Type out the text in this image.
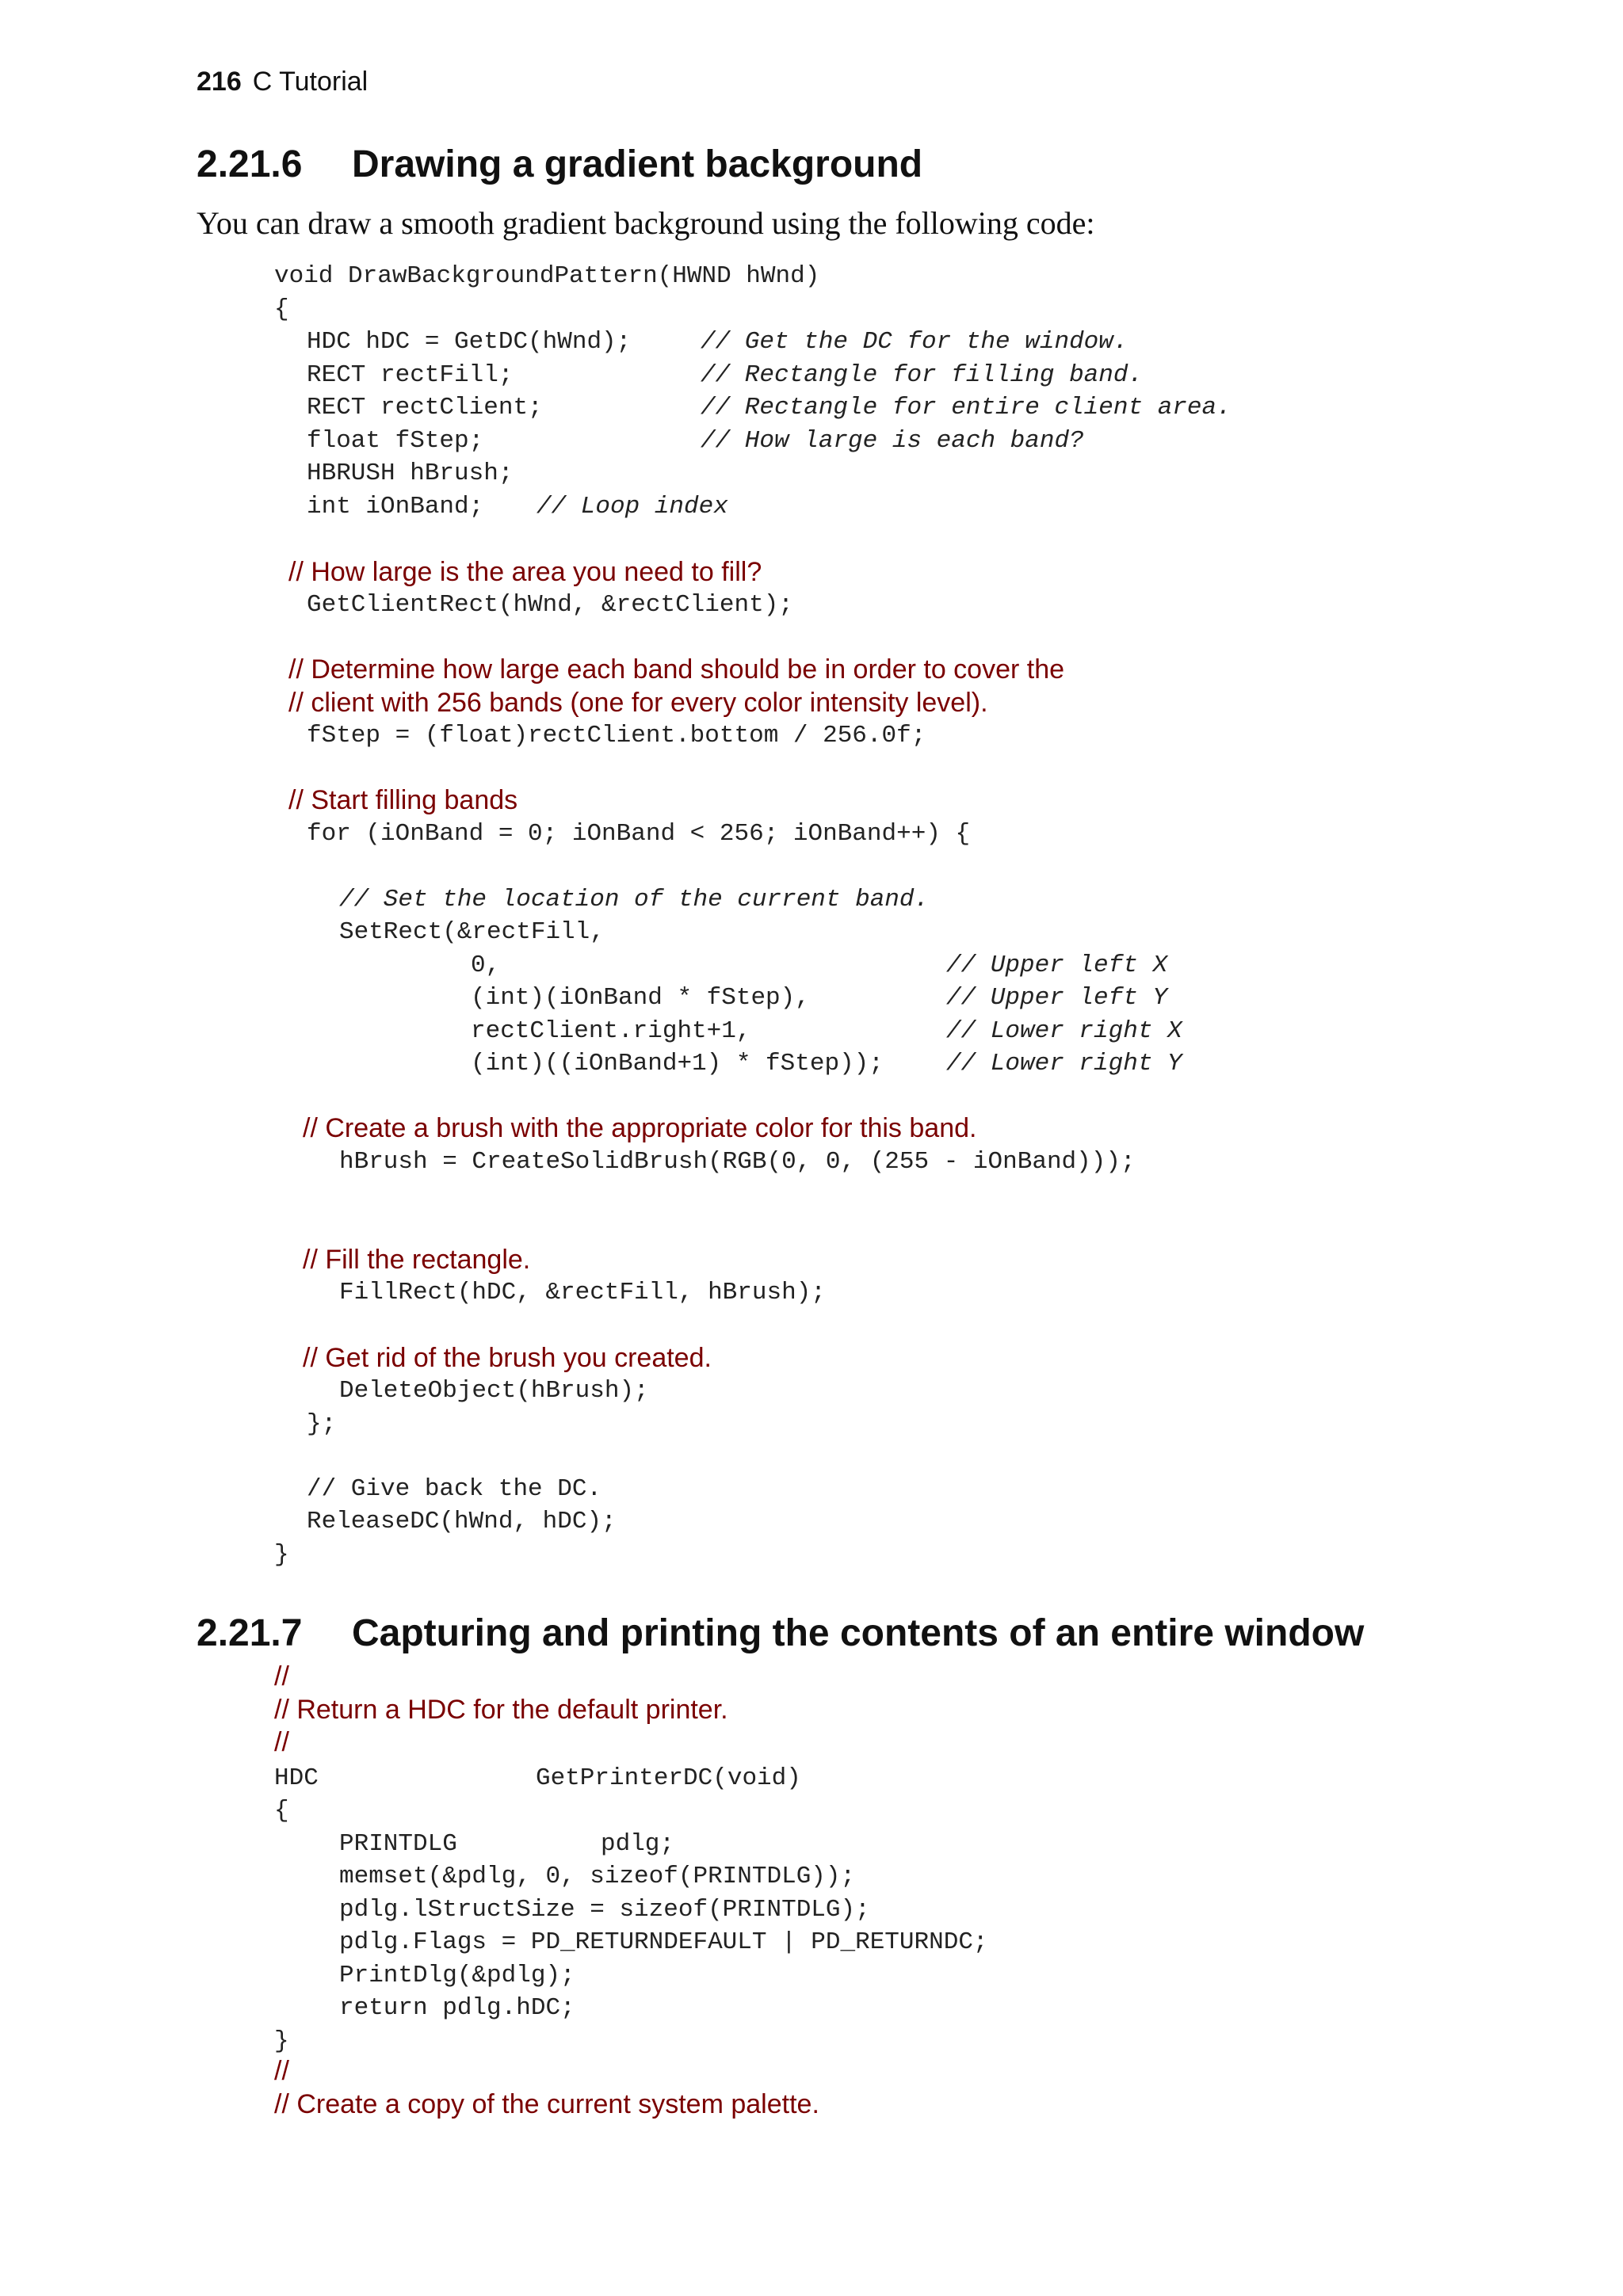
216 C Tutorial
2.21.6 Drawing a gradient background
You can draw a smooth gradient background using the following code:
void DrawBackgroundPattern(HWND hWnd)
{
HDC hDC = GetDC(hWnd);	// Get the DC for the window.
RECT rectFill;	// Rectangle for filling band.
RECT rectClient;	// Rectangle for entire client area.
float fStep;	// How large is each band?
HBRUSH hBrush;
int iOnBand; // Loop index
// How large is the area you need to fill?
GetClientRect(hWnd, &rectClient);
// Determine how large each band should be in order to cover the
// client with 256 bands (one for every color intensity level).
fStep = (float)rectClient.bottom / 256.0f;
// Start filling bands
for (iOnBand = 0; iOnBand < 256; iOnBand++) {
// Set the location of the current band.
SetRect(&rectFill,
0,	// Upper left X
(int)(iOnBand * fStep),	// Upper left Y
rectClient.right+1,	// Lower right X
(int)((iOnBand+1) * fStep));	// Lower right Y
// Create a brush with the appropriate color for this band.
hBrush = CreateSolidBrush(RGB(0, 0, (255 - iOnBand)));
// Fill the rectangle.
FillRect(hDC, &rectFill, hBrush);
// Get rid of the brush you created.
DeleteObject(hBrush);
};
// Give back the DC.
ReleaseDC(hWnd, hDC);
}
2.21.7 Capturing and printing the contents of an entire window
//
// Return a HDC for the default printer.
//
HDC	GetPrinterDC(void)
{
PRINTDLG	pdlg;
memset(&pdlg, 0, sizeof(PRINTDLG));
pdlg.lStructSize = sizeof(PRINTDLG);
pdlg.Flags = PD_RETURNDEFAULT | PD_RETURNDC;
PrintDlg(&pdlg);
return pdlg.hDC;
}
//
// Create a copy of the current system palette.
